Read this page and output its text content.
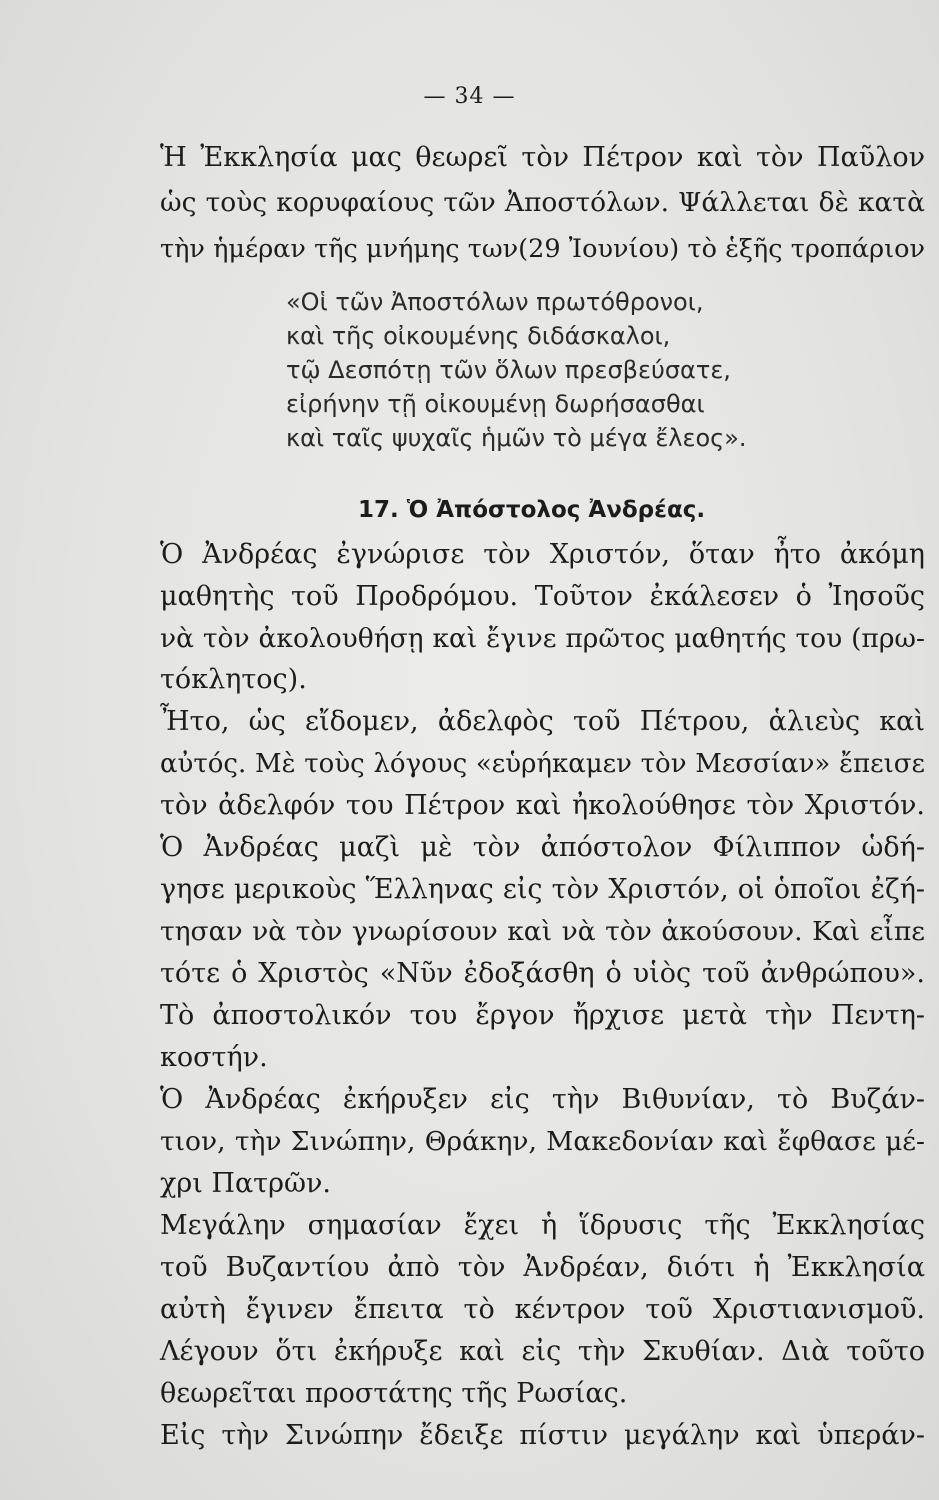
— 34 —
Ἡ Ἐκκλησία μας θεωρεῖ τὸν Πέτρον καὶ τὸν Παῦλον
ὡς τοὺς κορυφαίους τῶν Ἀποστόλων. Ψάλλεται δὲ κατὰ
τὴν ἡμέραν τῆς μνήμης των(29 Ἰουνίου) τὸ ἑξῆς τροπάριον
«Οἱ τῶν Ἀποστόλων πρωτόθρονοι,
καὶ τῆς οἰκουμένης διδάσκαλοι,
τῷ Δεσπότῃ τῶν ὅλων πρεσβεύσατε,
εἰρήνην τῇ οἰκουμένῃ δωρήσασθαι
καὶ ταῖς ψυχαῖς ἡμῶν τὸ μέγα ἔλεος».
17. Ὁ Ἀπόστολος Ἀνδρέας.
Ὁ Ἀνδρέας ἐγνώρισε τὸν Χριστόν, ὅταν ἦτο ἀκόμη
μαθητὴς τοῦ Προδρόμου. Τοῦτον ἐκάλεσεν ὁ Ἰησοῦς
νὰ τὸν ἀκολουθήσῃ καὶ ἔγινε πρῶτος μαθητής του (πρω-
τόκλητος).
Ἦτο, ὡς εἴδομεν, ἀδελφὸς τοῦ Πέτρου, ἁλιεὺς καὶ
αὐτός. Μὲ τοὺς λόγους «εὑρήκαμεν τὸν Μεσσίαν» ἔπεισε
τὸν ἀδελφόν του Πέτρον καὶ ἠκολούθησε τὸν Χριστόν.
Ὁ Ἀνδρέας μαζὶ μὲ τὸν ἀπόστολον Φίλιππον ὡδή-
γησε μερικοὺς Ἕλληνας εἰς τὸν Χριστόν, οἱ ὁποῖοι ἐζή-
τησαν νὰ τὸν γνωρίσουν καὶ νὰ τὸν ἀκούσουν. Καὶ εἶπε
τότε ὁ Χριστὸς «Νῦν ἐδοξάσθη ὁ υἱὸς τοῦ ἀνθρώπου».
Τὸ ἀποστολικόν του ἔργον ἤρχισε μετὰ τὴν Πεντη-
κοστήν.
Ὁ Ἀνδρέας ἐκήρυξεν εἰς τὴν Βιθυνίαν, τὸ Βυζάν-
τιον, τὴν Σινώπην, Θράκην, Μακεδονίαν καὶ ἔφθασε μέ-
χρι Πατρῶν.
Μεγάλην σημασίαν ἔχει ἡ ἵδρυσις τῆς Ἐκκλησίας
τοῦ Βυζαντίου ἀπὸ τὸν Ἀνδρέαν, διότι ἡ Ἐκκλησία
αὐτὴ ἔγινεν ἔπειτα τὸ κέντρον τοῦ Χριστιανισμοῦ.
Λέγουν ὅτι ἐκήρυξε καὶ εἰς τὴν Σκυθίαν. Διὰ τοῦτο
θεωρεῖται προστάτης τῆς Ρωσίας.
Εἰς τὴν Σινώπην ἔδειξε πίστιν μεγάλην καὶ ὑπεράν-
